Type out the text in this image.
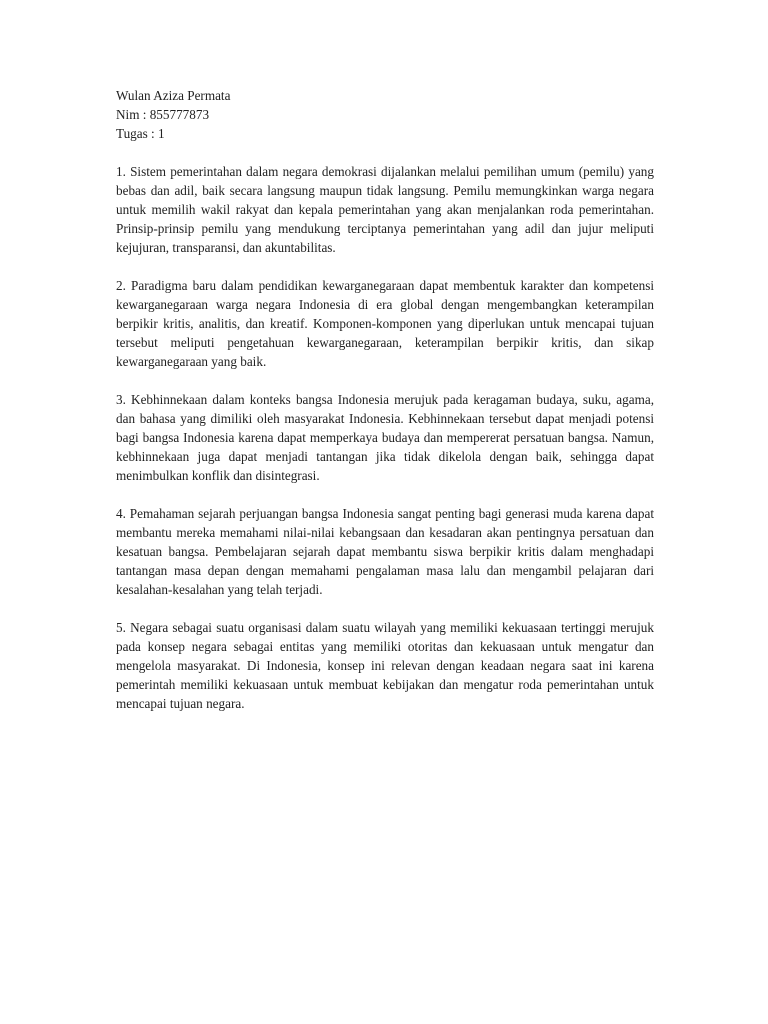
Wulan Aziza Permata

Nim : 855777873

Tugas : 1

1. Sistem pemerintahan dalam negara demokrasi dijalankan melalui pemilihan umum (pemilu) yang bebas dan adil, baik secara langsung maupun tidak langsung. Pemilu memungkinkan warga negara untuk memilih wakil rakyat dan kepala pemerintahan yang akan menjalankan roda pemerintahan. Prinsip-prinsip pemilu yang mendukung terciptanya pemerintahan yang adil dan jujur meliputi kejujuran, transparansi, dan akuntabilitas.

2. Paradigma baru dalam pendidikan kewarganegaraan dapat membentuk karakter dan kompetensi kewarganegaraan warga negara Indonesia di era global dengan mengembangkan keterampilan berpikir kritis, analitis, dan kreatif. Komponen-komponen yang diperlukan untuk mencapai tujuan tersebut meliputi pengetahuan kewarganegaraan, keterampilan berpikir kritis, dan sikap kewarganegaraan yang baik.

3. Kebhinnekaan dalam konteks bangsa Indonesia merujuk pada keragaman budaya, suku, agama, dan bahasa yang dimiliki oleh masyarakat Indonesia. Kebhinnekaan tersebut dapat menjadi potensi bagi bangsa Indonesia karena dapat memperkaya budaya dan mempererat persatuan bangsa. Namun, kebhinnekaan juga dapat menjadi tantangan jika tidak dikelola dengan baik, sehingga dapat menimbulkan konflik dan disintegrasi.

4. Pemahaman sejarah perjuangan bangsa Indonesia sangat penting bagi generasi muda karena dapat membantu mereka memahami nilai-nilai kebangsaan dan kesadaran akan pentingnya persatuan dan kesatuan bangsa. Pembelajaran sejarah dapat membantu siswa berpikir kritis dalam menghadapi tantangan masa depan dengan memahami pengalaman masa lalu dan mengambil pelajaran dari kesalahan-kesalahan yang telah terjadi.

5. Negara sebagai suatu organisasi dalam suatu wilayah yang memiliki kekuasaan tertinggi merujuk pada konsep negara sebagai entitas yang memiliki otoritas dan kekuasaan untuk mengatur dan mengelola masyarakat. Di Indonesia, konsep ini relevan dengan keadaan negara saat ini karena pemerintah memiliki kekuasaan untuk membuat kebijakan dan mengatur roda pemerintahan untuk mencapai tujuan negara.
